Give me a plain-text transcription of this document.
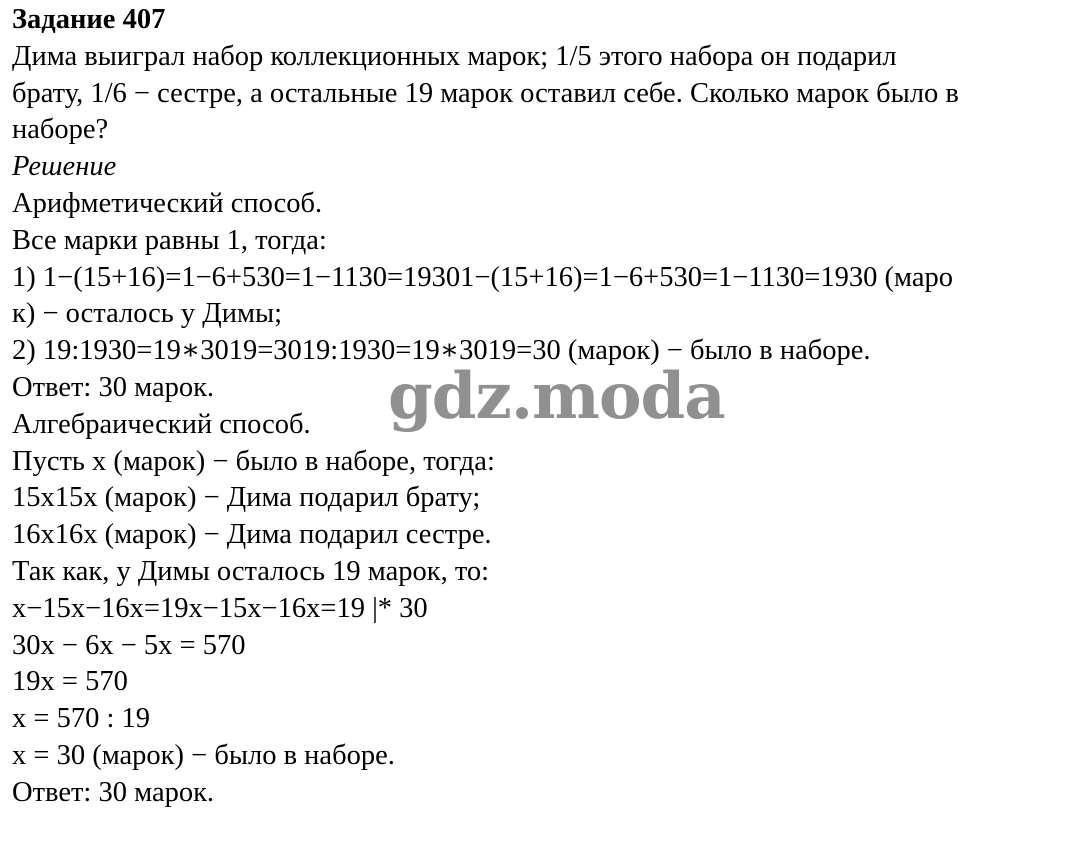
Задание 407
Дима выиграл набор коллекционных марок; 1/5 этого набора он подарил
брату, 1/6 − сестре, а остальные 19 марок оставил себе. Сколько марок было в
наборе?
Решение
Арифметический способ.
Все марки равны 1, тогда:
1) 1−(15+16)=1−6+530=1−1130=19301−(15+16)=1−6+530=1−1130=1930 (маро
к) − осталось у Димы;
2) 19:1930=19∗3019=3019:1930=19∗3019=30 (марок) − было в наборе.
Ответ: 30 марок.
Алгебраический способ.
Пусть x (марок) − было в наборе, тогда:
15x15x (марок) − Дима подарил брату;
16x16x (марок) − Дима подарил сестре.
Так как, у Димы осталось 19 марок, то:
x−15x−16x=19x−15x−16x=19 |* 30
30x − 6x − 5x = 570
19x = 570
x = 570 : 19
x = 30 (марок) − было в наборе.
Ответ: 30 марок.
gdz.moda
